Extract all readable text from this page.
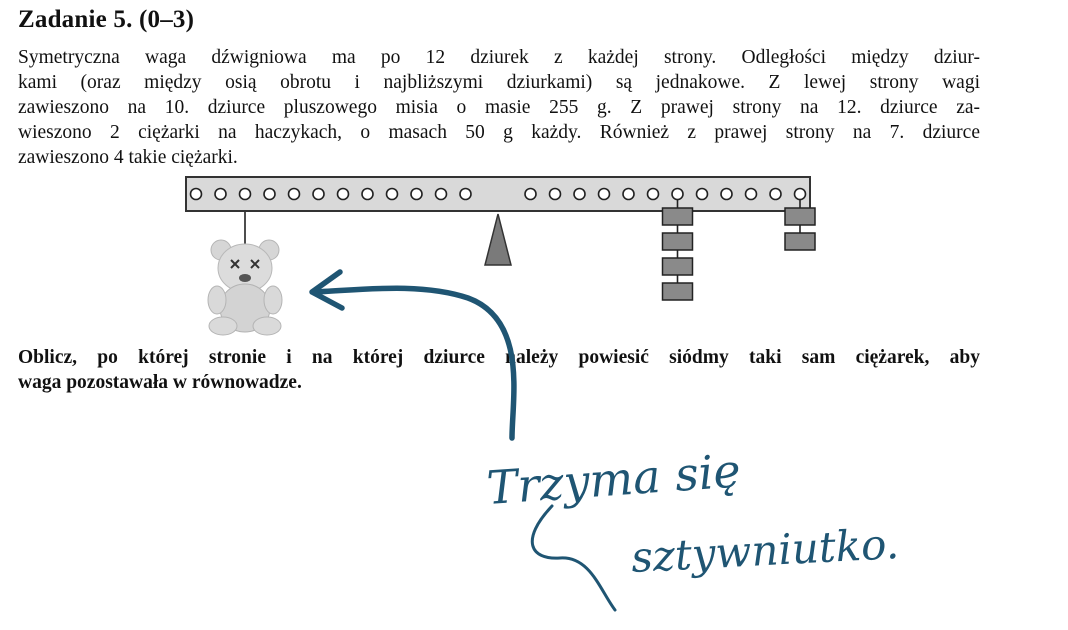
Zadanie 5. (0–3)
Symetryczna waga dźwigniowa ma po 12 dziurek z każdej strony. Odległości między dziur-
kami (oraz między osią obrotu i najbliższymi dziurkami) są jednakowe. Z lewej strony wagi
zawieszono na 10. dziurce pluszowego misia o masie 255 g. Z prawej strony na 12. dziurce za-
wieszono 2 ciężarki na haczykach, o masach 50 g każdy. Również z prawej strony na 7. dziurce
zawieszono 4 takie ciężarki.
Oblicz, po której stronie i na której dziurce należy powiesić siódmy taki sam ciężarek, aby
waga pozostawała w równowadze.
Trzyma się
sztywniutko.
